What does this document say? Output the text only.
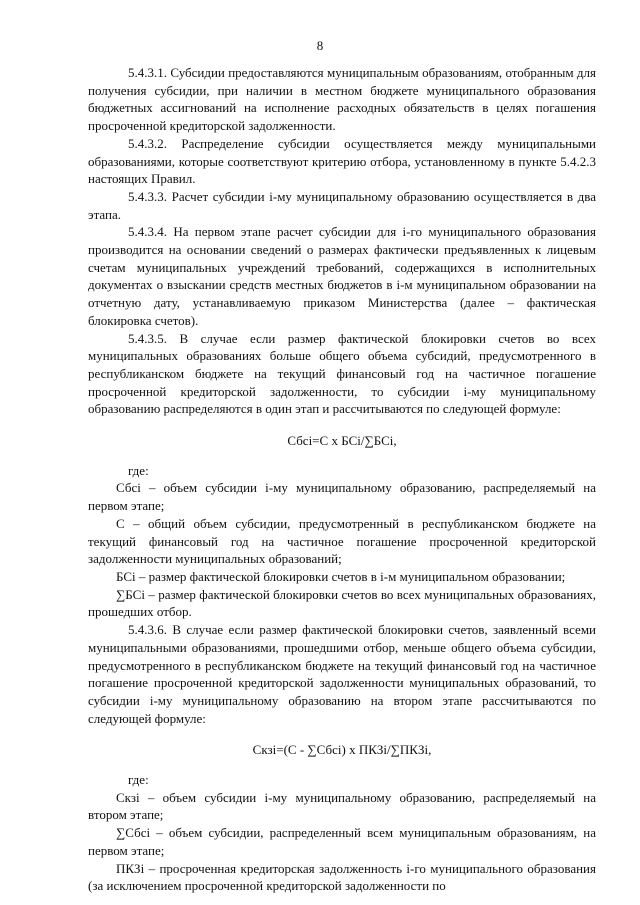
8

5.4.3.1. Субсидии предоставляются муниципальным образованиям, отобранным для получения субсидии, при наличии в местном бюджете муниципального образования бюджетных ассигнований на исполнение расходных обязательств в целях погашения просроченной кредиторской задолженности.

5.4.3.2. Распределение субсидии осуществляется между муниципальными образованиями, которые соответствуют критерию отбора, установленному в пункте 5.4.2.3 настоящих Правил.

5.4.3.3. Расчет субсидии i-му муниципальному образованию осуществляется в два этапа.

5.4.3.4. На первом этапе расчет субсидии для i-го муниципального образования производится на основании сведений о размерах фактически предъявленных к лицевым счетам муниципальных учреждений требований, содержащихся в исполнительных документах о взыскании средств местных бюджетов в i-м муниципальном образовании на отчетную дату, устанавливаемую приказом Министерства (далее – фактическая блокировка счетов).

5.4.3.5. В случае если размер фактической блокировки счетов во всех муниципальных образованиях больше общего объема субсидий, предусмотренного в республиканском бюджете на текущий финансовый год на частичное погашение просроченной кредиторской задолженности, то субсидии i-му муниципальному образованию распределяются в один этап и рассчитываются по следующей формуле:

Сбсi=С х БСi/∑БСi,

где:

Сбсi – объем субсидии i-му муниципальному образованию, распределяемый на первом этапе;

С – общий объем субсидии, предусмотренный в республиканском бюджете на текущий финансовый год на частичное погашение просроченной кредиторской задолженности муниципальных образований;

БСi – размер фактической блокировки счетов в i-м муниципальном образовании;

∑БСi – размер фактической блокировки счетов во всех муниципальных образованиях, прошедших отбор.

5.4.3.6. В случае если размер фактической блокировки счетов, заявленный всеми муниципальными образованиями, прошедшими отбор, меньше общего объема субсидии, предусмотренного в республиканском бюджете на текущий финансовый год на частичное погашение просроченной кредиторской задолженности муниципальных образований, то субсидии i-му муниципальному образованию на втором этапе рассчитываются по следующей формуле:

Скзi=(С - ∑Сбсi) х ПКЗi/∑ПКЗi,

где:

Скзi – объем субсидии i-му муниципальному образованию, распределяемый на втором этапе;

∑Сбсi – объем субсидии, распределенный всем муниципальным образованиям, на первом этапе;

ПКЗi – просроченная кредиторская задолженность i-го муниципального образования (за исключением просроченной кредиторской задолженности по
